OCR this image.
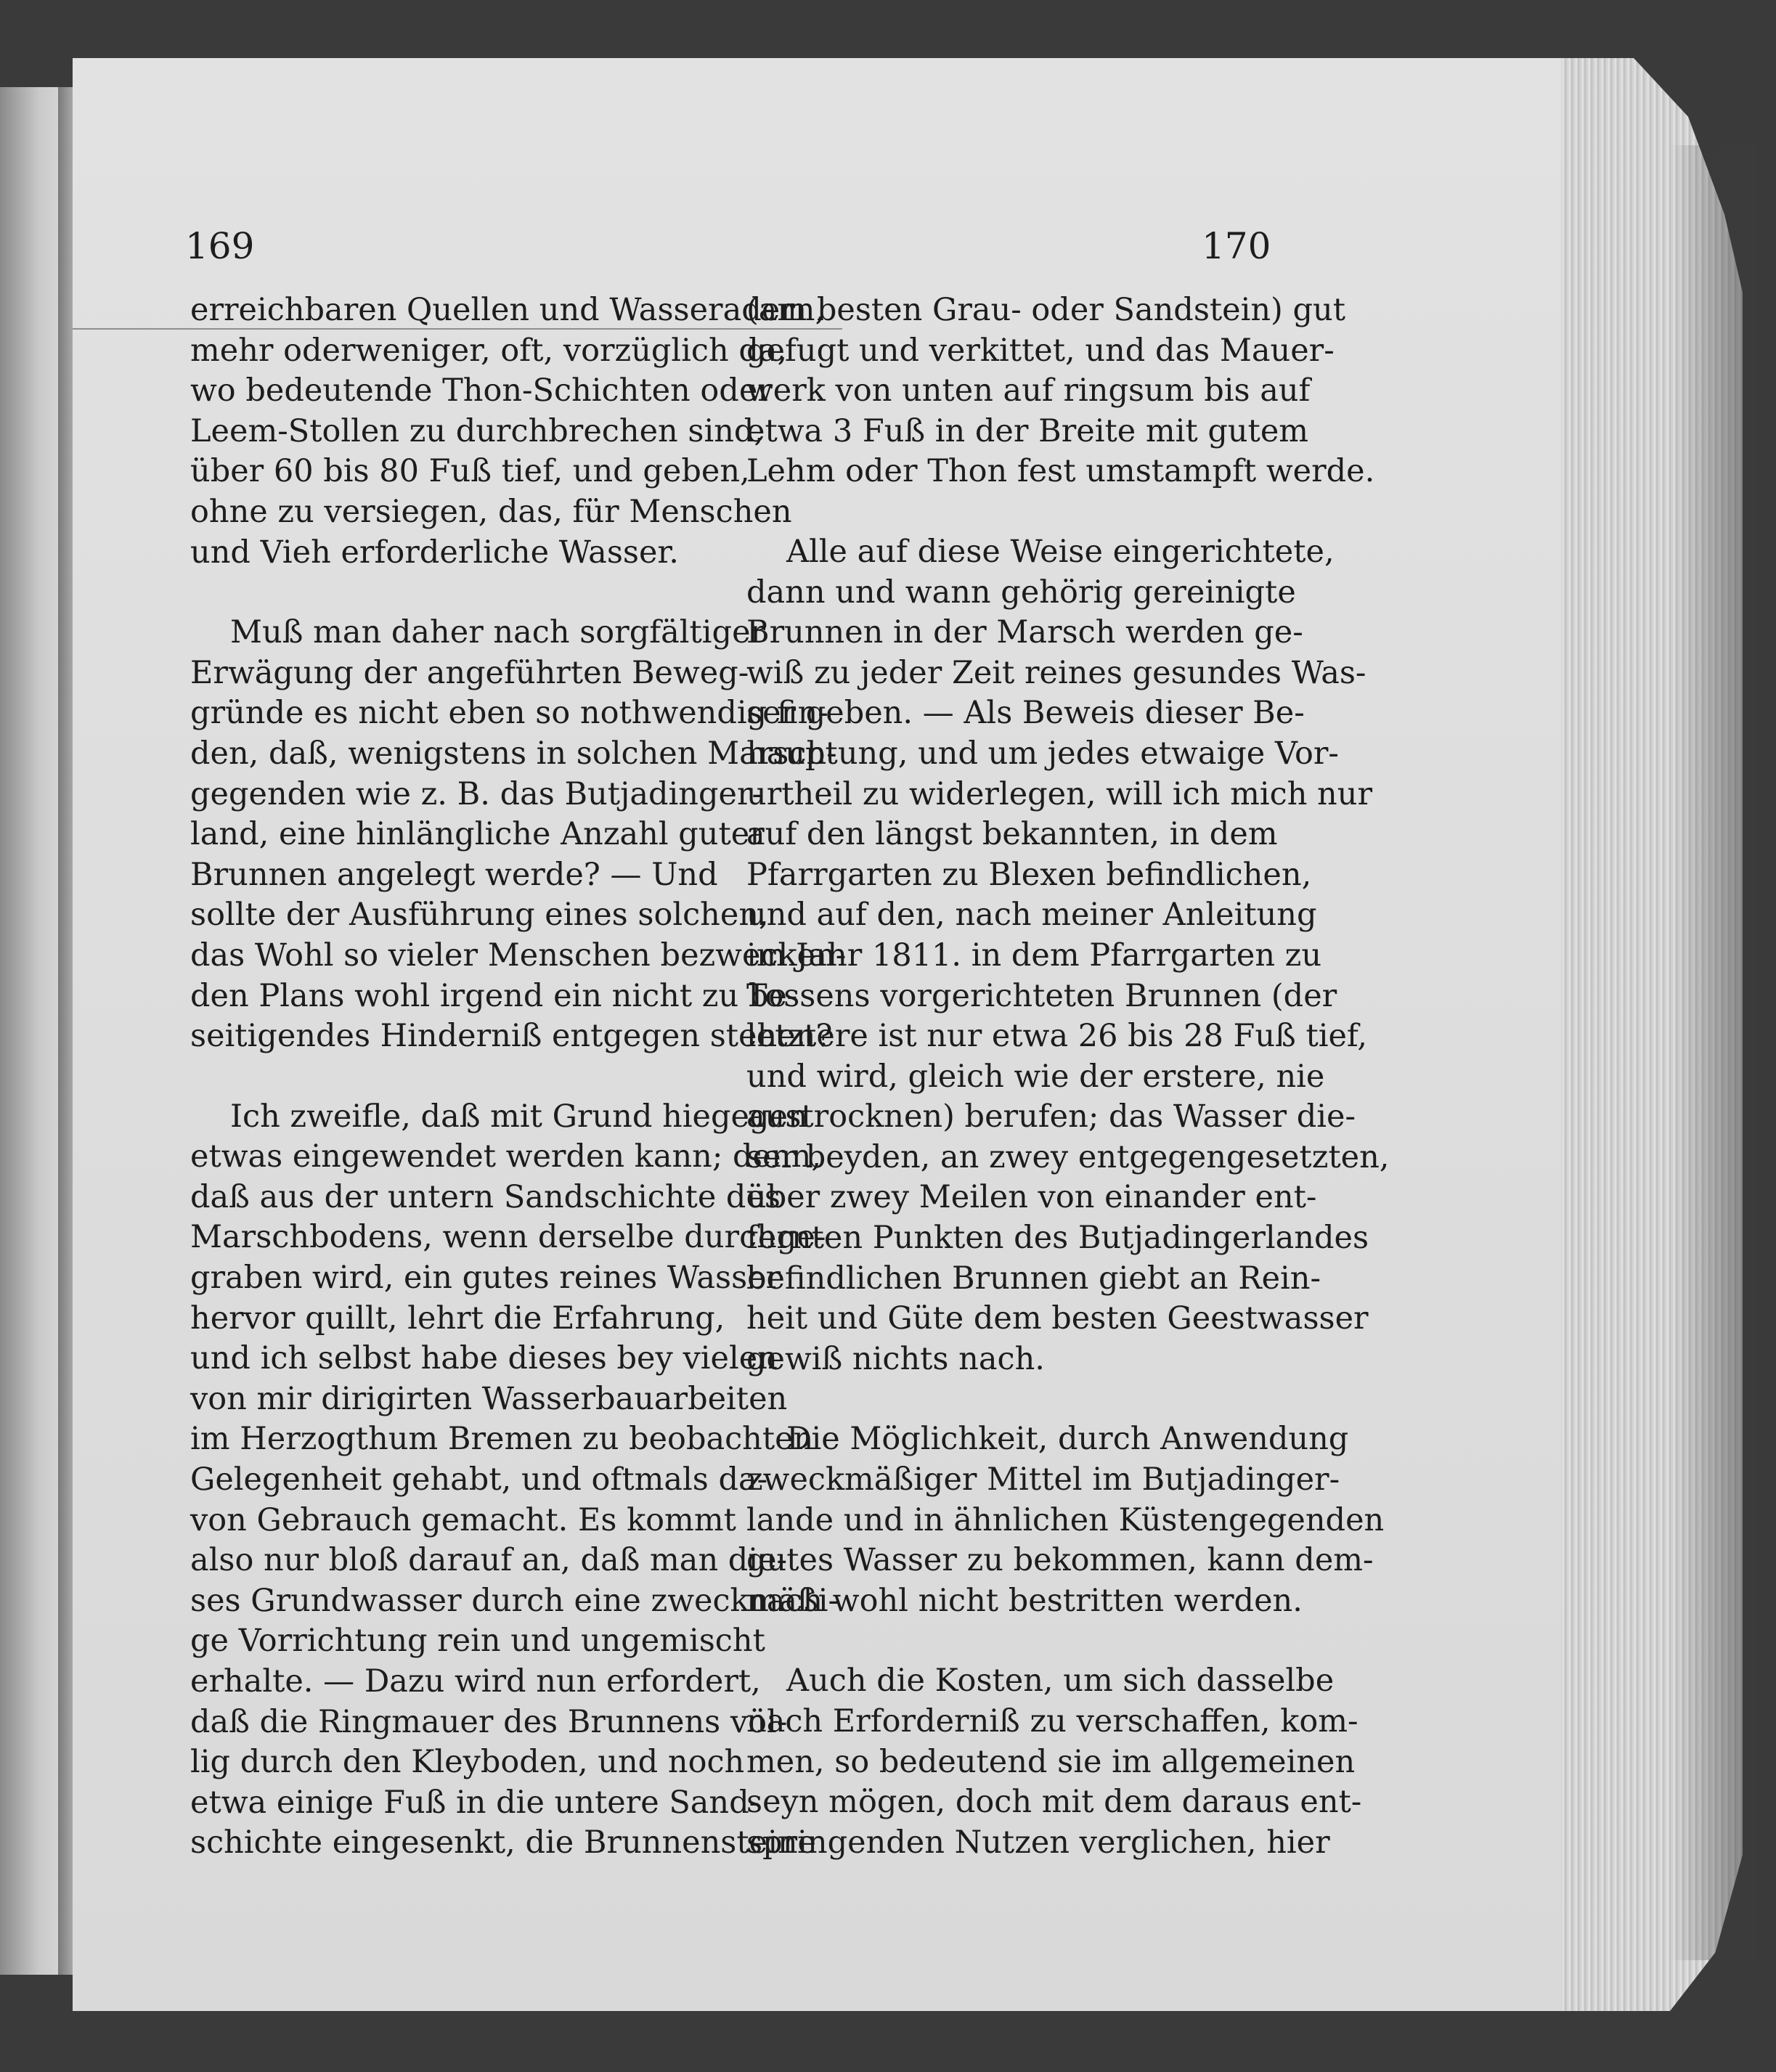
169	170

erreichbaren Quellen und Wasseradern,
mehr oderweniger, oft, vorzüglich da,
wo bedeutende Thon-Schichten oder
Leem-Stollen zu durchbrechen sind,
über 60 bis 80 Fuß tief, und geben,
ohne zu versiegen, das, für Menschen
und Vieh erforderliche Wasser.

Muß man daher nach sorgfältiger
Erwägung der angeführten Beweg-
gründe es nicht eben so nothwendig fin-
den, daß, wenigstens in solchen Marsch-
gegenden wie z. B. das Butjadinger-
land, eine hinlängliche Anzahl guter
Brunnen angelegt werde? — Und
sollte der Ausführung eines solchen,
das Wohl so vieler Menschen bezwecken-
den Plans wohl irgend ein nicht zu be-
seitigendes Hinderniß entgegen stehen?

Ich zweifle, daß mit Grund hiegegen
etwas eingewendet werden kann; denn,
daß aus der untern Sandschichte des
Marschbodens, wenn derselbe durchge-
graben wird, ein gutes reines Wasser
hervor quillt, lehrt die Erfahrung,
und ich selbst habe dieses bey vielen
von mir dirigirten Wasserbauarbeiten
im Herzogthum Bremen zu beobachten
Gelegenheit gehabt, und oftmals da-
von Gebrauch gemacht. Es kommt
also nur bloß darauf an, daß man die-
ses Grundwasser durch eine zweckmäßi-
ge Vorrichtung rein und ungemischt
erhalte. — Dazu wird nun erfordert,
daß die Ringmauer des Brunnens völ-
lig durch den Kleyboden, und noch
etwa einige Fuß in die untere Sand-
schichte eingesenkt, die Brunnensteine

(am besten Grau- oder Sandstein) gut
gefugt und verkittet, und das Mauer-
werk von unten auf ringsum bis auf
etwa 3 Fuß in der Breite mit gutem
Lehm oder Thon fest umstampft werde.

Alle auf diese Weise eingerichtete,
dann und wann gehörig gereinigte
Brunnen in der Marsch werden ge-
wiß zu jeder Zeit reines gesundes Was-
ser geben. — Als Beweis dieser Be-
hauptung, und um jedes etwaige Vor-
urtheil zu widerlegen, will ich mich nur
auf den längst bekannten, in dem
Pfarrgarten zu Blexen befindlichen,
und auf den, nach meiner Anleitung
im Jahr 1811. in dem Pfarrgarten zu
Tossens vorgerichteten Brunnen (der
letztere ist nur etwa 26 bis 28 Fuß tief,
und wird, gleich wie der erstere, nie
austrocknen) berufen; das Wasser die-
ser beyden, an zwey entgegengesetzten,
über zwey Meilen von einander ent-
fernten Punkten des Butjadingerlandes
befindlichen Brunnen giebt an Rein-
heit und Güte dem besten Geestwasser
gewiß nichts nach.

Die Möglichkeit, durch Anwendung
zweckmäßiger Mittel im Butjadinger-
lande und in ähnlichen Küstengegenden
gutes Wasser zu bekommen, kann dem-
nach wohl nicht bestritten werden.

Auch die Kosten, um sich dasselbe
nach Erforderniß zu verschaffen, kom-
men, so bedeutend sie im allgemeinen
seyn mögen, doch mit dem daraus ent-
springenden Nutzen verglichen, hier
